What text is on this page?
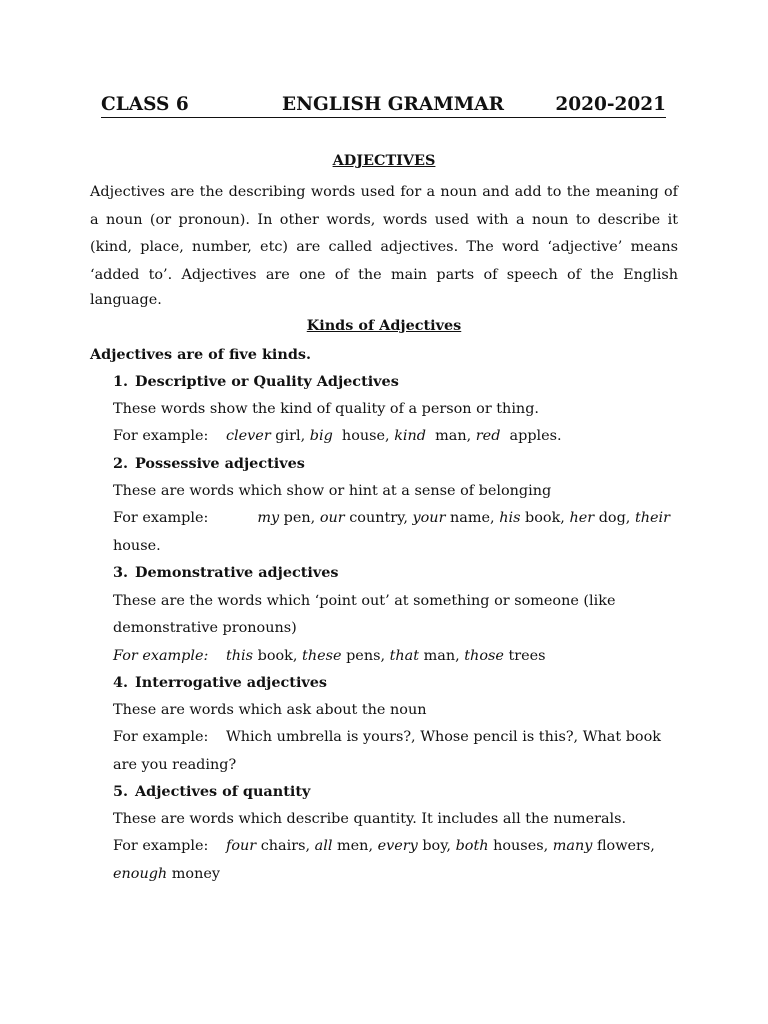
CLASS 6	ENGLISH GRAMMAR	2020-2021
ADJECTIVES
Adjectives are the describing words used for a noun and add to the meaning of
a noun (or pronoun). In other words, words used with a noun to describe it
(kind, place, number, etc) are called adjectives. The word ‘adjective’ means
‘added to’. Adjectives are one of the main parts of speech of the English
language.
Kinds of Adjectives
Adjectives are of five kinds.
1. Descriptive or Quality Adjectives
These words show the kind of quality of a person or thing.
For example: clever girl, big  house, kind  man, red  apples.
2. Possessive adjectives
These are words which show or hint at a sense of belonging
For example:	my pen, our country, your name, his book, her dog, their
house.
3. Demonstrative adjectives
These are the words which ‘point out’ at something or someone (like
demonstrative pronouns)
For example: this book, these pens, that man, those trees
4. Interrogative adjectives
These are words which ask about the noun
For example: Which umbrella is yours?, Whose pencil is this?, What book
are you reading?
5. Adjectives of quantity
These are words which describe quantity. It includes all the numerals.
For example: four chairs, all men, every boy, both houses, many flowers,
enough money
